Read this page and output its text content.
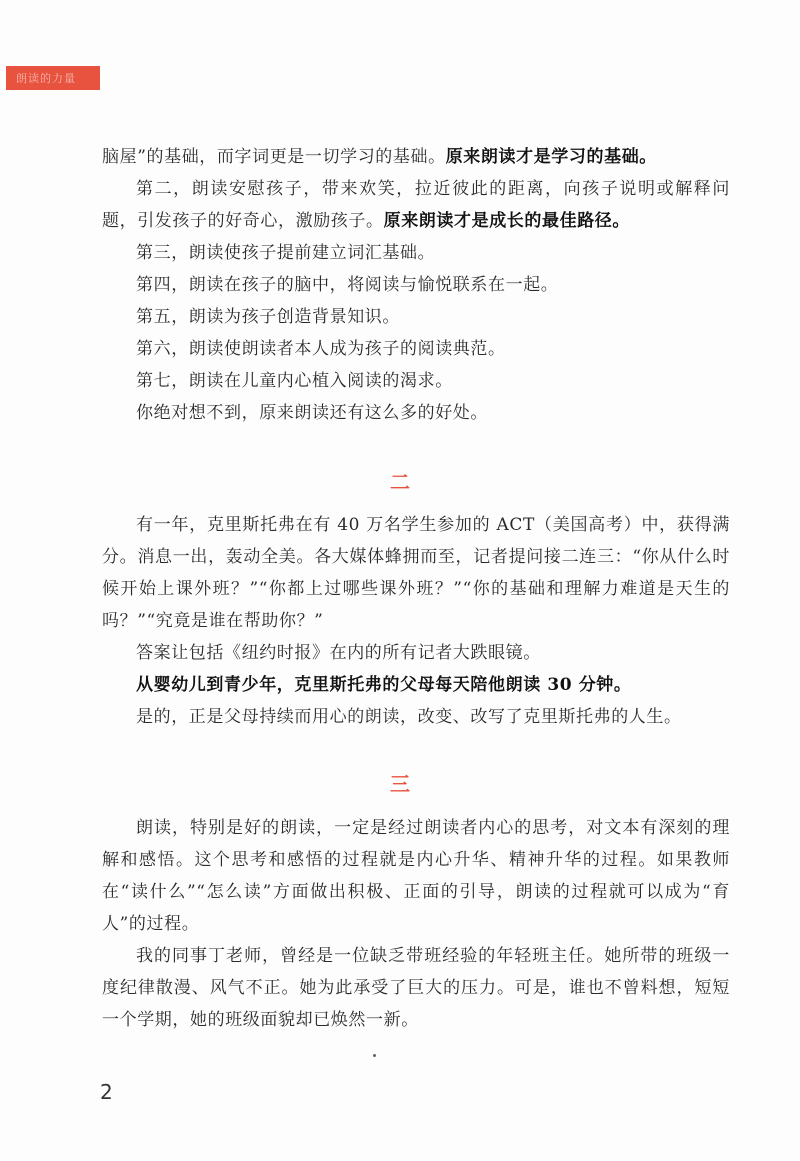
朗读的力量

脑屋”的基础，而字词更是一切学习的基础。原来朗读才是学习的基础。

第二，朗读安慰孩子，带来欢笑，拉近彼此的距离，向孩子说明或解释问题，引发孩子的好奇心，激励孩子。原来朗读才是成长的最佳路径。

第三，朗读使孩子提前建立词汇基础。

第四，朗读在孩子的脑中，将阅读与愉悦联系在一起。

第五，朗读为孩子创造背景知识。

第六，朗读使朗读者本人成为孩子的阅读典范。

第七，朗读在儿童内心植入阅读的渴求。

你绝对想不到，原来朗读还有这么多的好处。

二

有一年，克里斯托弗在有 40 万名学生参加的 ACT（美国高考）中，获得满分。消息一出，轰动全美。各大媒体蜂拥而至，记者提问接二连三：“你从什么时候开始上课外班？”“你都上过哪些课外班？”“你的基础和理解力难道是天生的吗？”“究竟是谁在帮助你？”

答案让包括《纽约时报》在内的所有记者大跌眼镜。

从婴幼儿到青少年，克里斯托弗的父母每天陪他朗读 30 分钟。

是的，正是父母持续而用心的朗读，改变、改写了克里斯托弗的人生。

三

朗读，特别是好的朗读，一定是经过朗读者内心的思考，对文本有深刻的理解和感悟。这个思考和感悟的过程就是内心升华、精神升华的过程。如果教师在“读什么”“怎么读”方面做出积极、正面的引导，朗读的过程就可以成为“育人”的过程。

我的同事丁老师，曾经是一位缺乏带班经验的年轻班主任。她所带的班级一度纪律散漫、风气不正。她为此承受了巨大的压力。可是，谁也不曾料想，短短一个学期，她的班级面貌却已焕然一新。

2
